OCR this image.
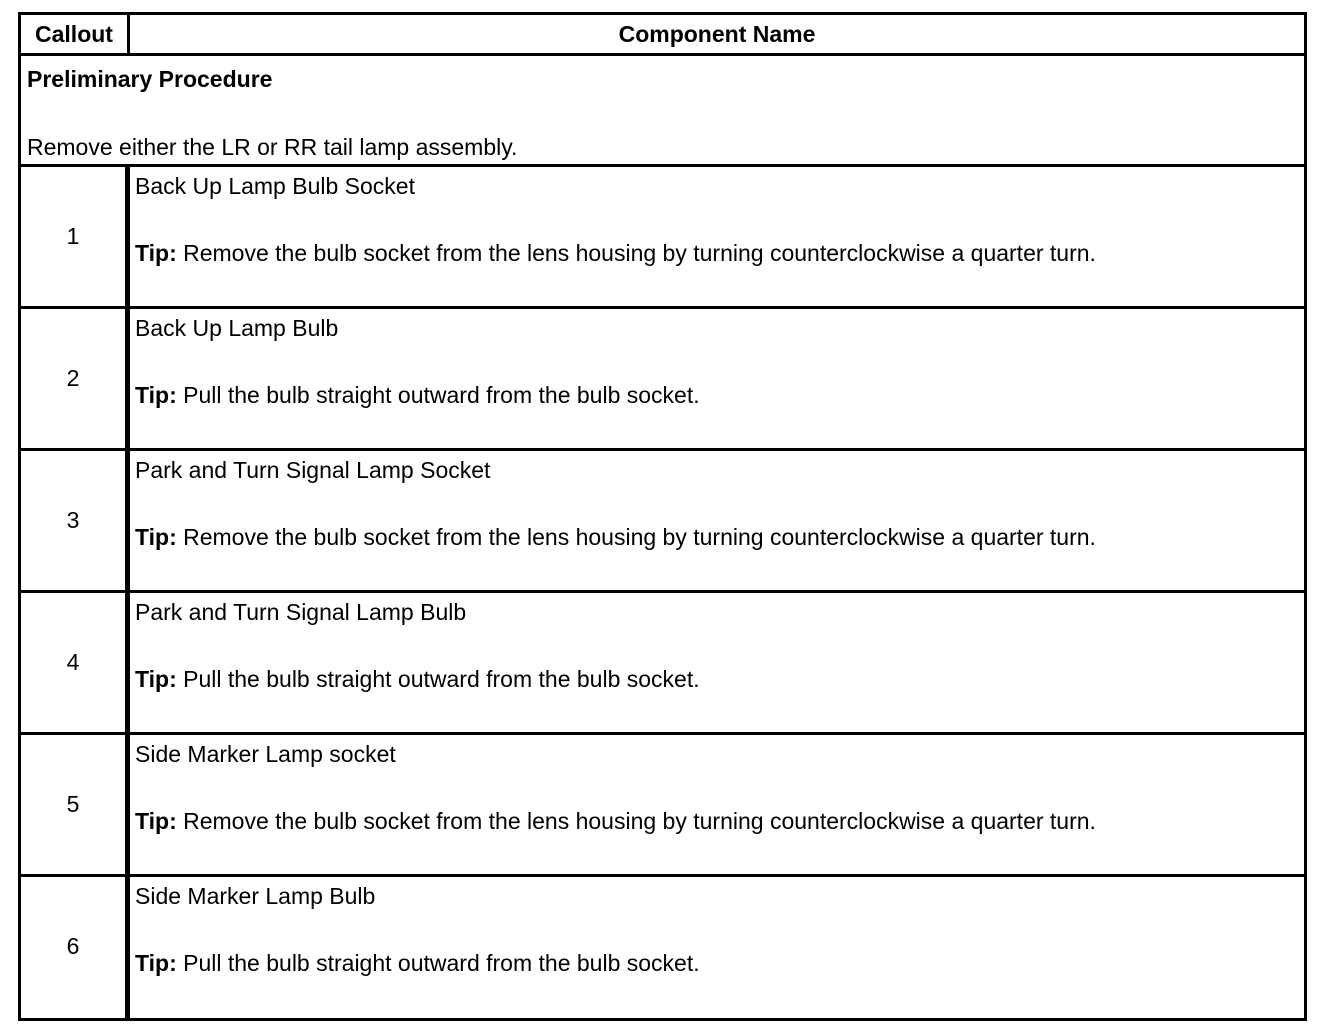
Callout	Component Name
Preliminary Procedure
Remove either the LR or RR tail lamp assembly.
1
Back Up Lamp Bulb Socket
Tip: Remove the bulb socket from the lens housing by turning counterclockwise a quarter turn.
2
Back Up Lamp Bulb
Tip: Pull the bulb straight outward from the bulb socket.
3
Park and Turn Signal Lamp Socket
Tip: Remove the bulb socket from the lens housing by turning counterclockwise a quarter turn.
4
Park and Turn Signal Lamp Bulb
Tip: Pull the bulb straight outward from the bulb socket.
5
Side Marker Lamp socket
Tip: Remove the bulb socket from the lens housing by turning counterclockwise a quarter turn.
6
Side Marker Lamp Bulb
Tip: Pull the bulb straight outward from the bulb socket.
